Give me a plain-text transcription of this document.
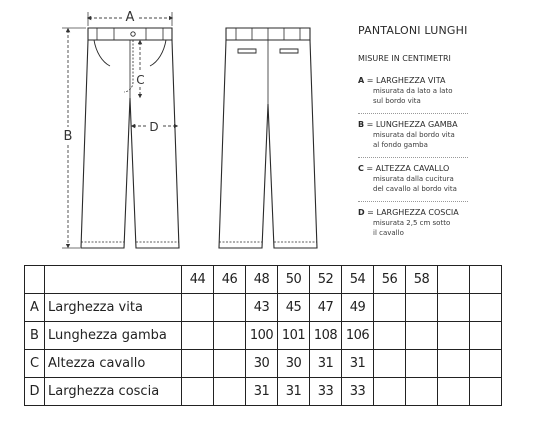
A
B
C
D
PANTALONI LUNGHI
MISURE IN CENTIMETRI
A = LARGHEZZA VITA
misurata da lato a lato
sul bordo vita
B = LUNGHEZZA GAMBA
misurata dal bordo vita
al fondo gamba
C = ALTEZZA CAVALLO
misurata dalla cucitura
del cavallo al bordo vita
D = LARGHEZZA COSCIA
misurata 2,5 cm sotto
il cavallo
		44	46	48	50	52	54	56	58		
A	Larghezza vita			43	45	47	49				
B	Lunghezza gamba			100	101	108	106				
C	Altezza cavallo			30	30	31	31				
D	Larghezza coscia			31	31	33	33				
